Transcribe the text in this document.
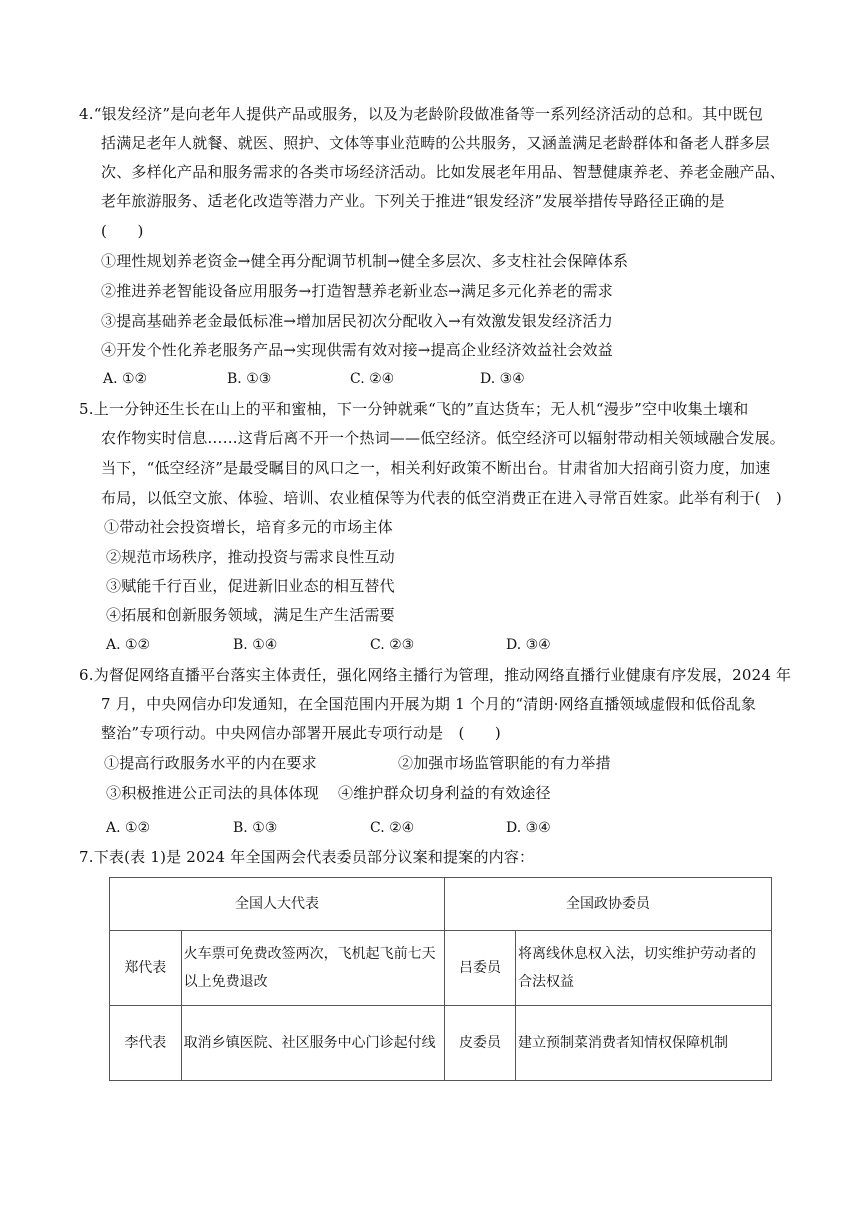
4.“银发经济”是向老年人提供产品或服务，以及为老龄阶段做准备等一系列经济活动的总和。其中既包
括满足老年人就餐、就医、照护、文体等事业范畴的公共服务，又涵盖满足老龄群体和备老人群多层
次、多样化产品和服务需求的各类市场经济活动。比如发展老年用品、智慧健康养老、养老金融产品、
老年旅游服务、适老化改造等潜力产业。下列关于推进“银发经济”发展举措传导路径正确的是
(　　)
①理性规划养老资金→健全再分配调节机制→健全多层次、多支柱社会保障体系
②推进养老智能设备应用服务→打造智慧养老新业态→满足多元化养老的需求
③提高基础养老金最低标准→增加居民初次分配收入→有效激发银发经济活力
④开发个性化养老服务产品→实现供需有效对接→提高企业经济效益社会效益
A. ①②	B. ①③	C. ②④	D. ③④
5.上一分钟还生长在山上的平和蜜柚，下一分钟就乘“飞的”直达货车；无人机“漫步”空中收集土壤和
农作物实时信息……这背后离不开一个热词——低空经济。低空经济可以辐射带动相关领域融合发展。
当下，“低空经济”是最受瞩目的风口之一，相关利好政策不断出台。甘肃省加大招商引资力度，加速
布局，以低空文旅、体验、培训、农业植保等为代表的低空消费正在进入寻常百姓家。此举有利于(　)
①带动社会投资增长，培育多元的市场主体
②规范市场秩序，推动投资与需求良性互动
③赋能千行百业，促进新旧业态的相互替代
④拓展和创新服务领域，满足生产生活需要
A. ①②	B. ①④	C. ②③	D. ③④
6.为督促网络直播平台落实主体责任，强化网络主播行为管理，推动网络直播行业健康有序发展，2024 年
7 月，中央网信办印发通知，在全国范围内开展为期 1 个月的“清朗·网络直播领域虚假和低俗乱象
整治”专项行动。中央网信办部署开展此专项行动是　(　　)
①提高行政服务水平的内在要求	②加强市场监管职能的有力举措
③积极推进公正司法的具体体现 ④维护群众切身利益的有效途径
A. ①②	B. ①③	C. ②④	D. ③④
7.下表(表 1)是 2024 年全国两会代表委员部分议案和提案的内容：
全国人大代表		全国政协委员	
郑代表	火车票可免费改签两次，飞机起飞前七天以上免费退改	吕委员	将离线休息权入法，切实维护劳动者的合法权益
李代表	取消乡镇医院、社区服务中心门诊起付线	皮委员	建立预制菜消费者知情权保障机制
